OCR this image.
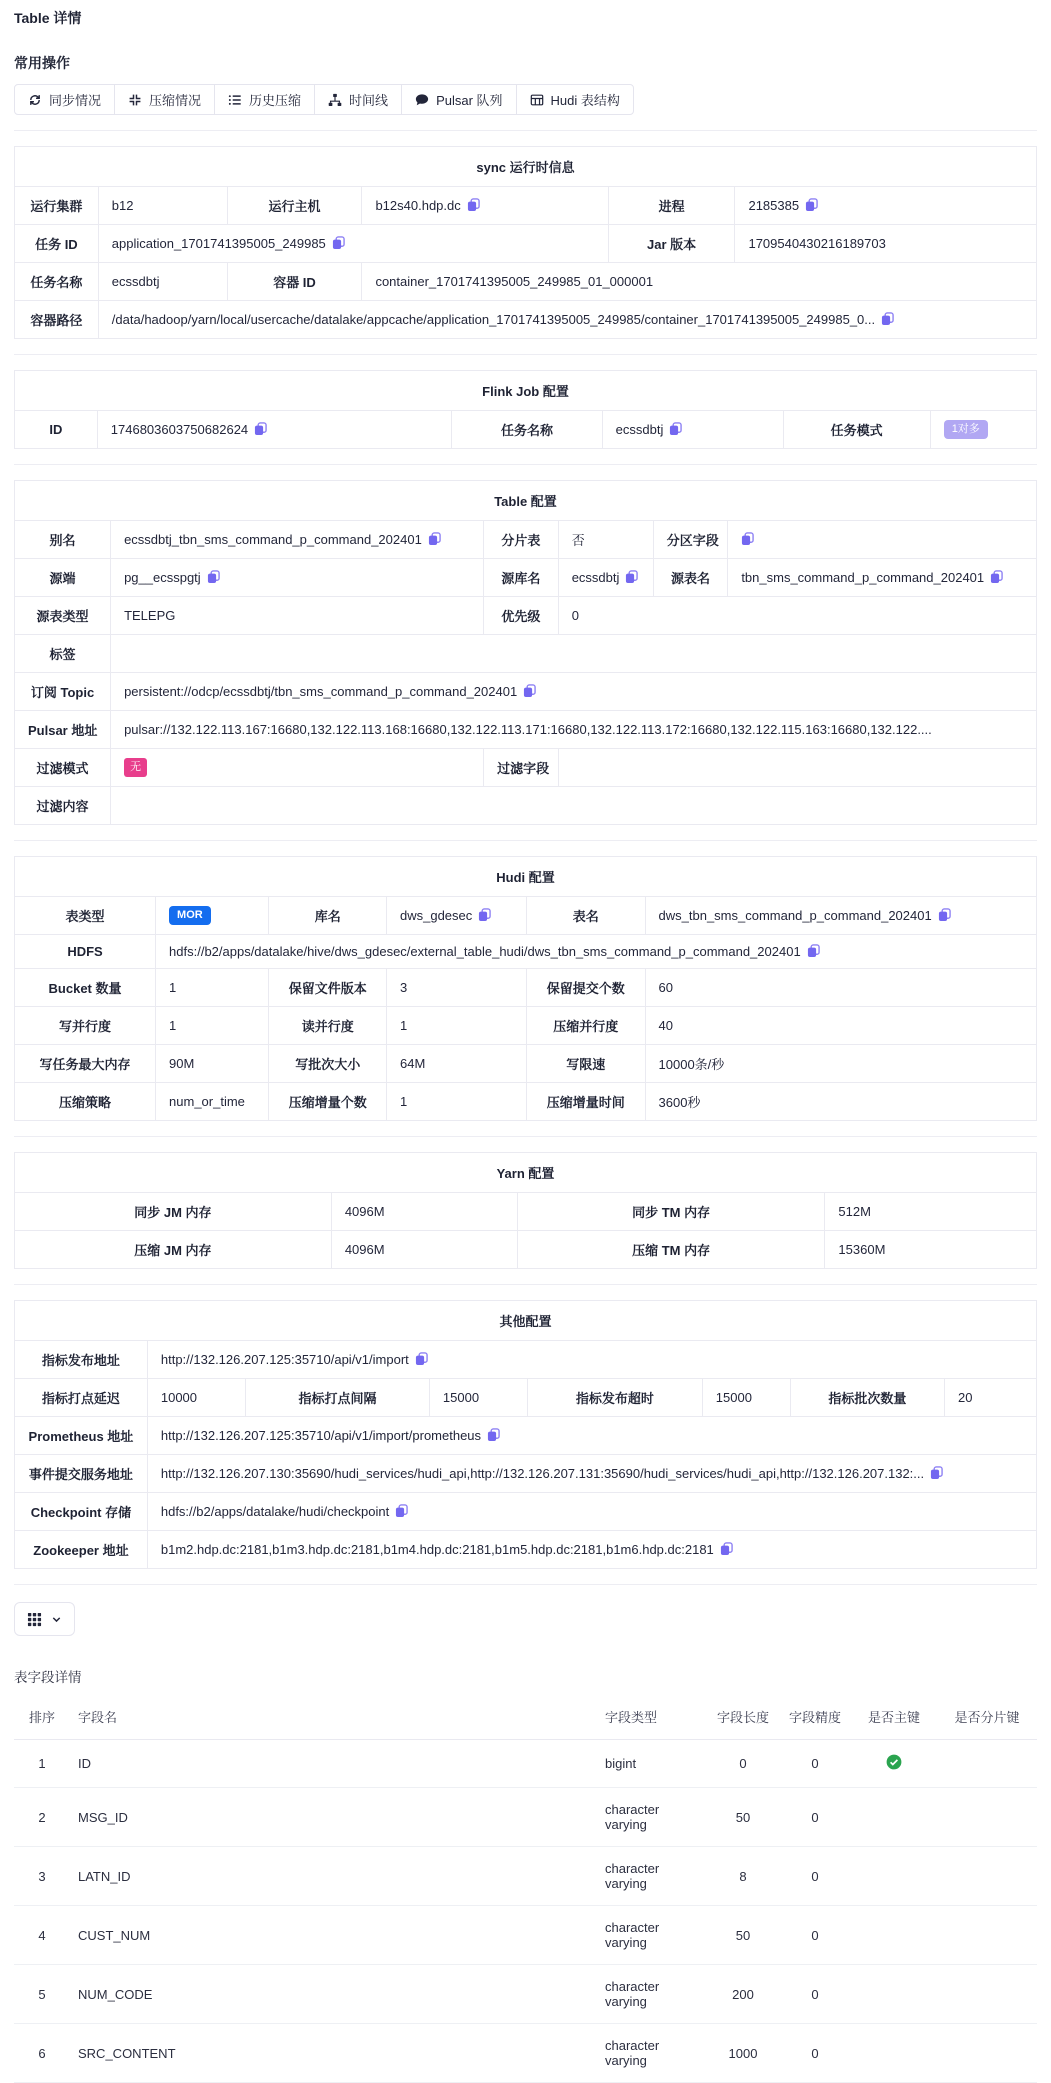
Table 详情
常用操作
同步情况	压缩情况	历史压缩	时间线	Pulsar 队列	Hudi 表结构
sync 运行时信息					
运行集群	b12	运行主机	b12s40.hdp.dc	进程	2185385
任务 ID	application_1701741395005_249985			Jar 版本	1709540430216189703
任务名称	ecssdbtj	容器 ID	container_1701741395005_249985_01_000001		
容器路径	/data/hadoop/yarn/local/usercache/datalake/appcache/application_1701741395005_249985/container_1701741395005_249985_0...				
Flink Job 配置
ID	1746803603750682624	任务名称	ecssdbtj	任务模式	1对多
Table 配置					
别名	ecssdbtj_tbn_sms_command_p_command_202401	分片表	否	分区字段	
源端	pg__ecsspgtj	源库名	ecssdbtj	源表名	tbn_sms_command_p_command_202401
源表类型	TELEPG	优先级	0		
标签					
订阅 Topic	persistent://odcp/ecssdbtj/tbn_sms_command_p_command_202401				
Pulsar 地址	pulsar://132.122.113.167:16680,132.122.113.168:16680,132.122.113.171:16680,132.122.113.172:16680,132.122.115.163:16680,132.122....				
过滤模式	无	过滤字段			
过滤内容					
Hudi 配置					
表类型	MOR	库名	dws_gdesec	表名	dws_tbn_sms_command_p_command_202401
HDFS	hdfs://b2/apps/datalake/hive/dws_gdesec/external_table_hudi/dws_tbn_sms_command_p_command_202401				
Bucket 数量	1	保留文件版本	3	保留提交个数	60
写并行度	1	读并行度	1	压缩并行度	40
写任务最大内存	90M	写批次大小	64M	写限速	10000条/秒
压缩策略	num_or_time	压缩增量个数	1	压缩增量时间	3600秒
Yarn 配置			
同步 JM 内存	4096M	同步 TM 内存	512M
压缩 JM 内存	4096M	压缩 TM 内存	15360M
其他配置							
指标发布地址	http://132.126.207.125:35710/api/v1/import						
指标打点延迟	10000	指标打点间隔	15000	指标发布超时	15000	指标批次数量	20
Prometheus 地址	http://132.126.207.125:35710/api/v1/import/prometheus						
事件提交服务地址	http://132.126.207.130:35690/hudi_services/hudi_api,http://132.126.207.131:35690/hudi_services/hudi_api,http://132.126.207.132:...						
Checkpoint 存储	hdfs://b2/apps/datalake/hudi/checkpoint						
Zookeeper 地址	b1m2.hdp.dc:2181,b1m3.hdp.dc:2181,b1m4.hdp.dc:2181,b1m5.hdp.dc:2181,b1m6.hdp.dc:2181						
表字段详情
排序	字段名	字段类型	字段长度	字段精度	是否主键	是否分片键
1	ID	bigint	0	0		
2	MSG_ID	character varying	50	0		
3	LATN_ID	character varying	8	0		
4	CUST_NUM	character varying	50	0		
5	NUM_CODE	character varying	200	0		
6	SRC_CONTENT	character varying	1000	0		
